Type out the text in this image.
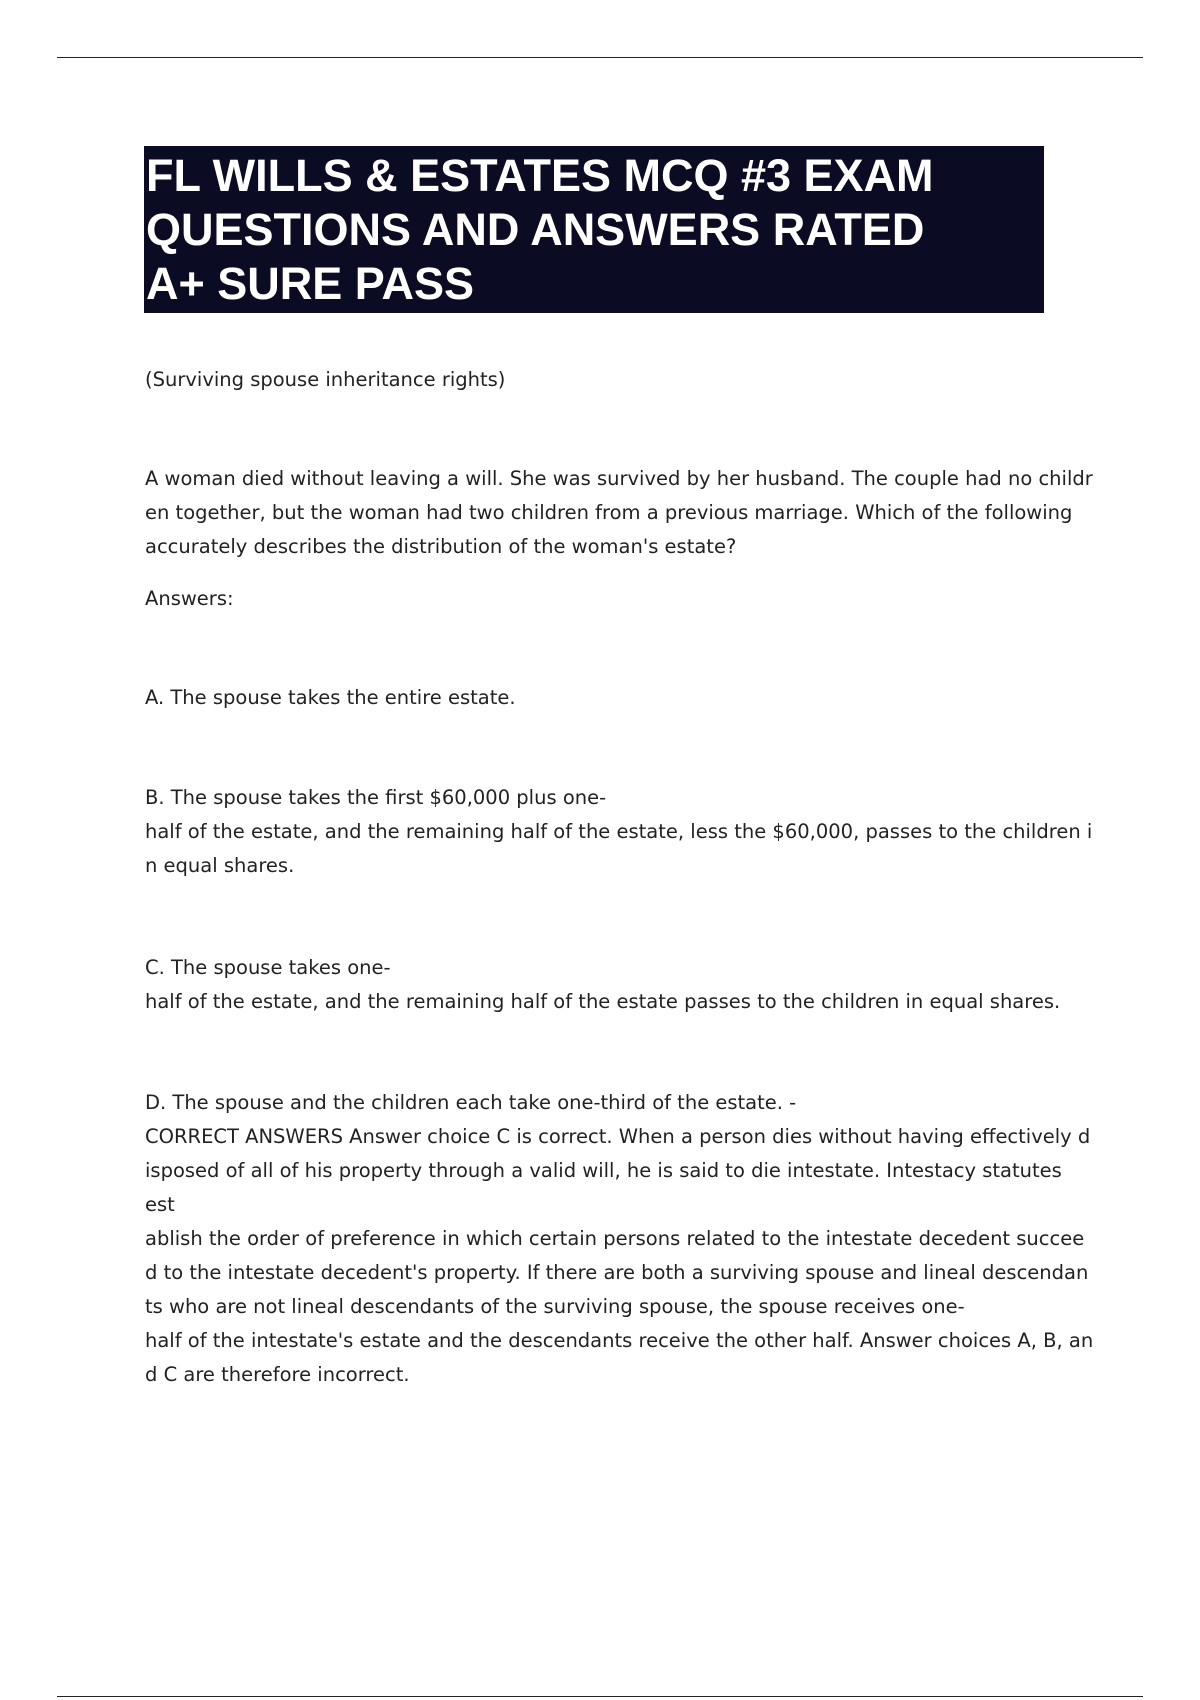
FL WILLS & ESTATES MCQ #3 EXAM
QUESTIONS AND ANSWERS RATED
A+ SURE PASS

(Surviving spouse inheritance rights)

A woman died without leaving a will. She was survived by her husband. The couple had no childr
en together, but the woman had two children from a previous marriage. Which of the following
accurately describes the distribution of the woman's estate?

Answers:

A. The spouse takes the entire estate.

B. The spouse takes the first $60,000 plus one-
half of the estate, and the remaining half of the estate, less the $60,000, passes to the children i
n equal shares.

C. The spouse takes one-
half of the estate, and the remaining half of the estate passes to the children in equal shares.

D. The spouse and the children each take one-third of the estate. -
CORRECT ANSWERS Answer choice C is correct. When a person dies without having effectively d
isposed of all of his property through a valid will, he is said to die intestate. Intestacy statutes est
ablish the order of preference in which certain persons related to the intestate decedent succee
d to the intestate decedent's property. If there are both a surviving spouse and lineal descendan
ts who are not lineal descendants of the surviving spouse, the spouse receives one-
half of the intestate's estate and the descendants receive the other half. Answer choices A, B, an
d C are therefore incorrect.
